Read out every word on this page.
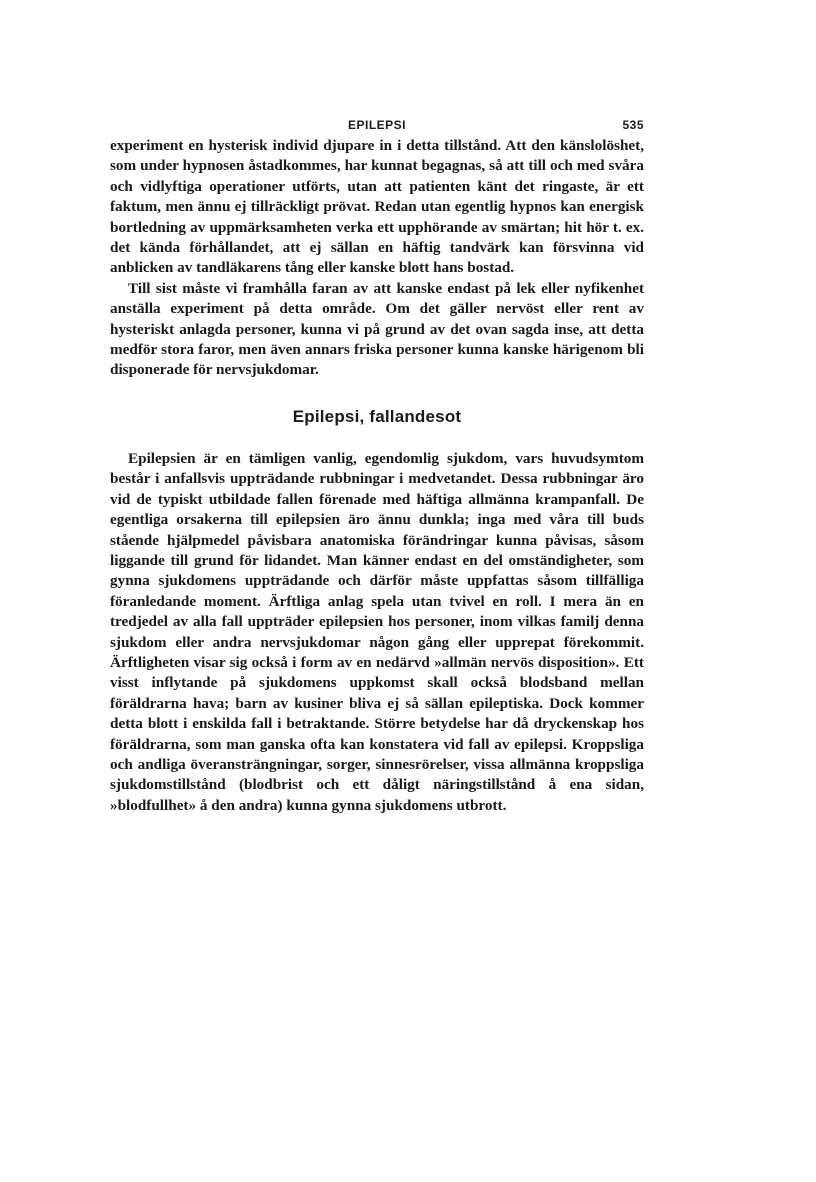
EPILEPSI	535

experiment en hysterisk individ djupare in i detta tillstånd. Att den känslolöshet, som under hypnosen åstadkommes, har kunnat begagnas, så att till och med svåra och vidlyftiga operationer utförts, utan att patienten känt det ringaste, är ett faktum, men ännu ej tillräckligt prövat. Redan utan egentlig hypnos kan energisk bortledning av uppmärksamheten verka ett upphörande av smärtan; hit hör t. ex. det kända förhållandet, att ej sällan en häftig tandvärk kan försvinna vid anblicken av tandläkarens tång eller kanske blott hans bostad.

Till sist måste vi framhålla faran av att kanske endast på lek eller nyfikenhet anställa experiment på detta område. Om det gäller nervöst eller rent av hysteriskt anlagda personer, kunna vi på grund av det ovan sagda inse, att detta medför stora faror, men även annars friska personer kunna kanske härigenom bli disponerade för nervsjukdomar.

Epilepsi, fallandesot

Epilepsien är en tämligen vanlig, egendomlig sjukdom, vars huvudsymtom består i anfallsvis uppträdande rubbningar i medvetandet. Dessa rubbningar äro vid de typiskt utbildade fallen förenade med häftiga allmänna krampanfall. De egentliga orsakerna till epilepsien äro ännu dunkla; inga med våra till buds stående hjälpmedel påvisbara anatomiska förändringar kunna påvisas, såsom liggande till grund för lidandet. Man känner endast en del omständigheter, som gynna sjukdomens uppträdande och därför måste uppfattas såsom tillfälliga föranledande moment. Ärftliga anlag spela utan tvivel en roll. I mera än en tredjedel av alla fall uppträder epilepsien hos personer, inom vilkas familj denna sjukdom eller andra nervsjukdomar någon gång eller upprepat förekommit. Ärftligheten visar sig också i form av en nedärvd »allmän nervös disposition». Ett visst inflytande på sjukdomens uppkomst skall också blodsband mellan föräldrarna hava; barn av kusiner bliva ej så sällan epileptiska. Dock kommer detta blott i enskilda fall i betraktande. Större betydelse har då dryckenskap hos föräldrarna, som man ganska ofta kan konstatera vid fall av epilepsi. Kroppsliga och andliga överansträngningar, sorger, sinnesrörelser, vissa allmänna kroppsliga sjukdomstillstånd (blodbrist och ett dåligt näringstillstånd å ena sidan, »blodfullhet» å den andra) kunna gynna sjukdomens utbrott.
